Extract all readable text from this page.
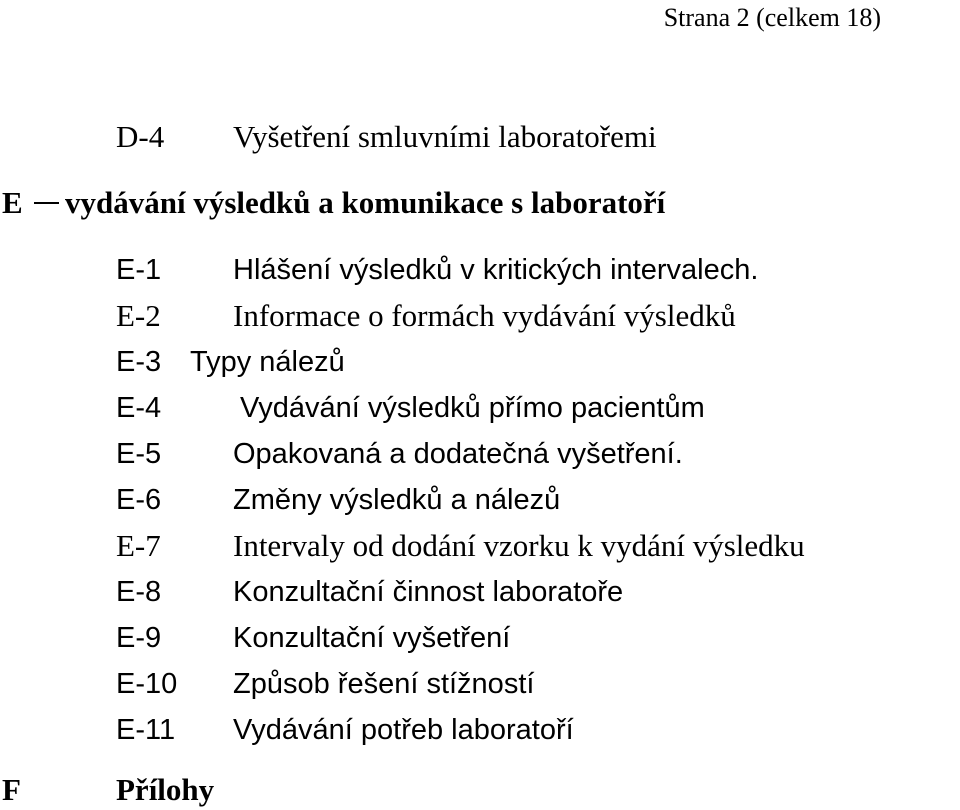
Strana 2 (celkem 18)
D-4 Vyšetření smluvními laboratořemi
E vydávání výsledků a komunikace s laboratoří
E-1 Hlášení výsledků v kritických intervalech.
E-2 Informace o formách vydávání výsledků
E-3 Typy nálezů
E-4	Vydávání výsledků přímo pacientům
E-5 Opakovaná a dodatečná vyšetření.
E-6 Změny výsledků a nálezů
E-7 Intervaly od dodání vzorku k vydání výsledku
E-8 Konzultační činnost laboratoře
E-9 Konzultační vyšetření
E-10 Způsob řešení stížností
E-11 Vydávání potřeb laboratoří
F	Přílohy
